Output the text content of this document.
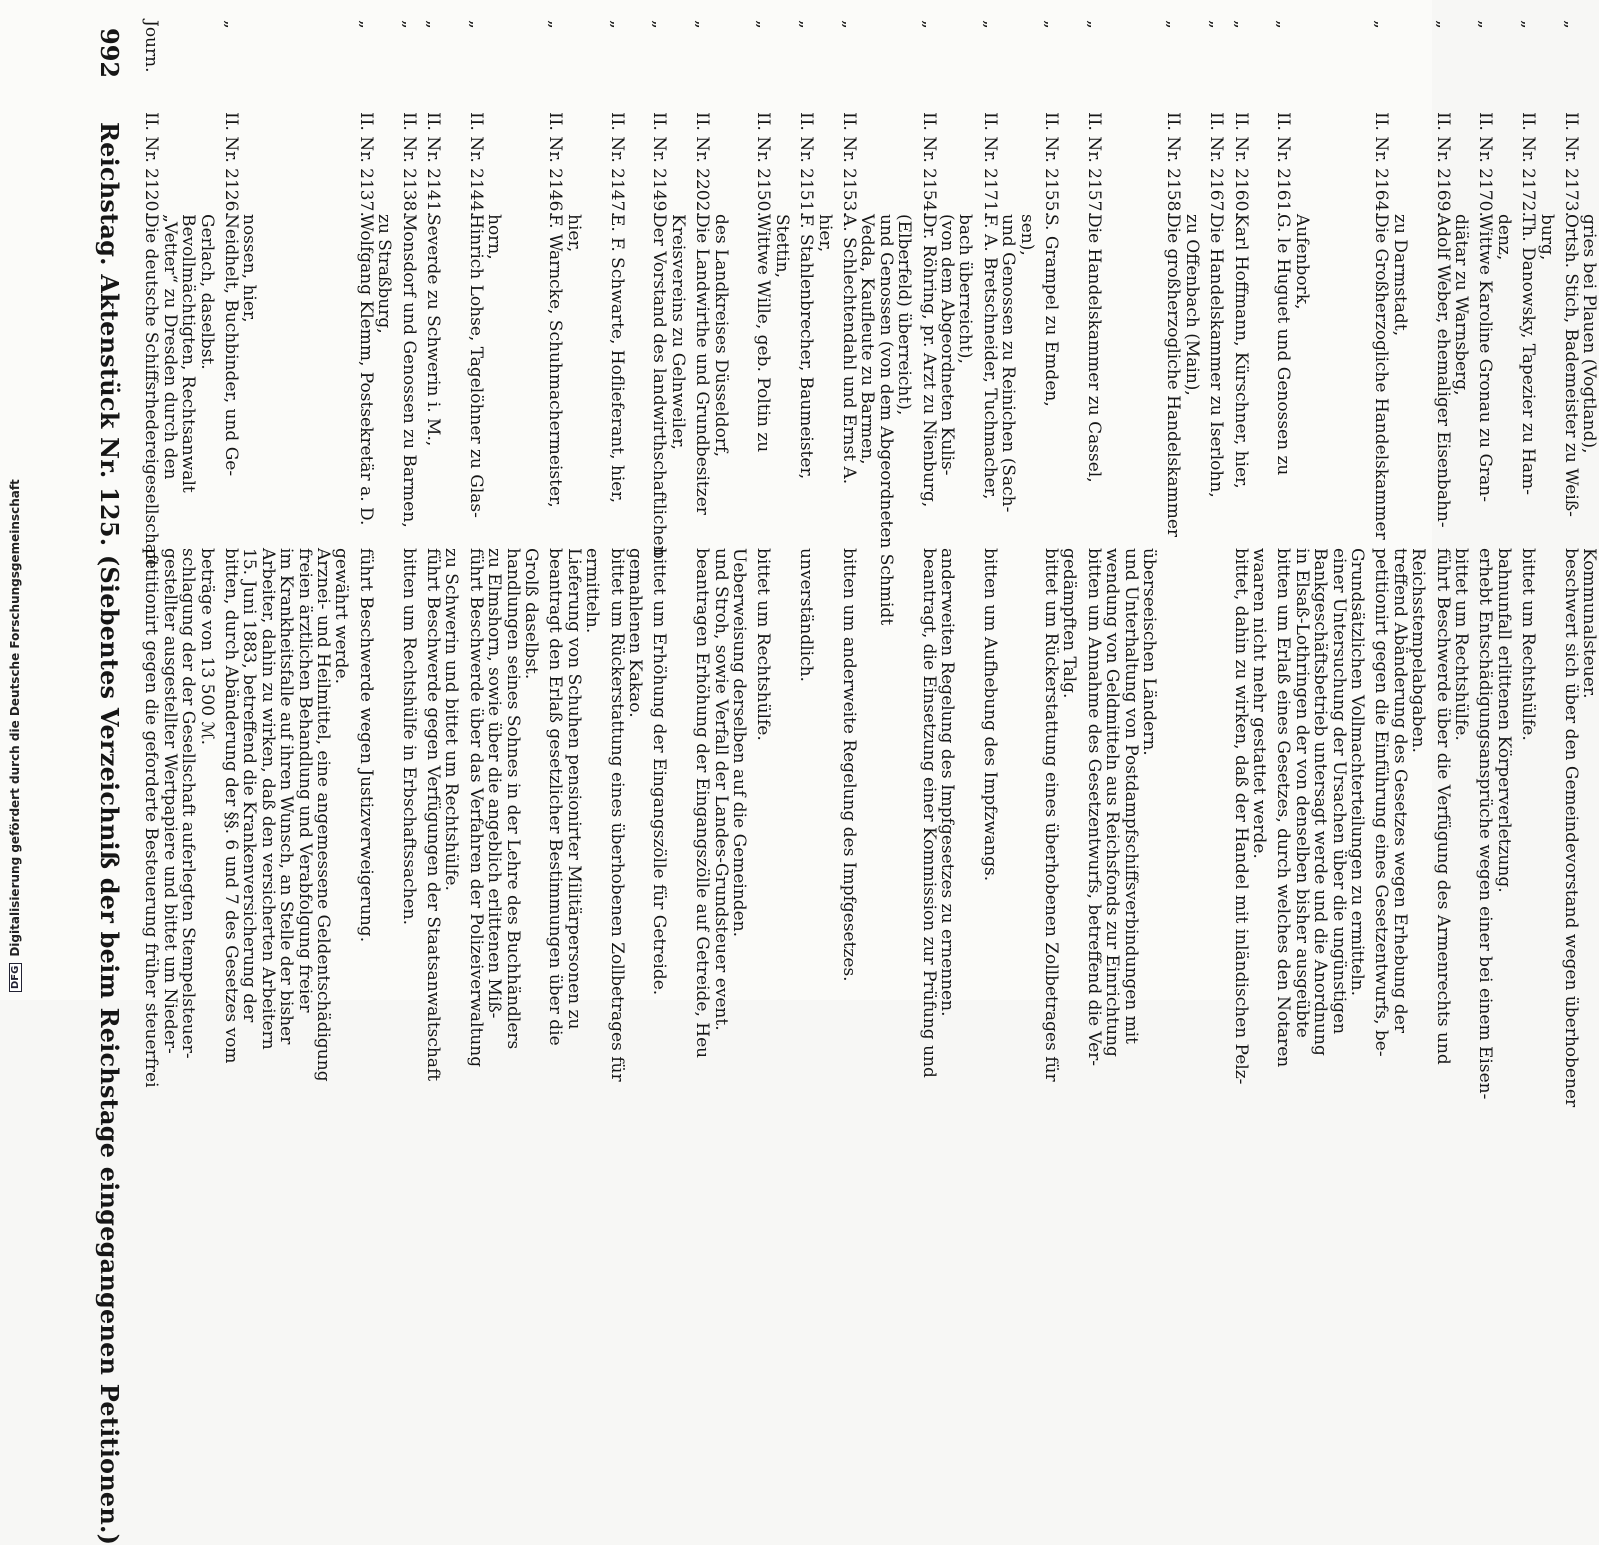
992
Reichstag. Aktenstück Nr. 125. (Siebentes Verzeichniß der beim Reichstage eingegangenen Petitionen.)
Journ.
II. Nr. 2120.
Die deutsche Schiffsrhedereigesellschaft
„Vetter“ zu Dresden durch den
Bevollmächtigten, Rechtsanwalt
Gerlach, daselbst.
petitionirt gegen die geforderte Besteuerung früher steuerfrei
gestellter ausgestellter Wertpapiere und bittet um Nieder-
schlagung der der Gesellschaft auferlegten Stempelsteuer-
beträge von 13 500 ℳ.
„
II. Nr. 2126.
Neidhelt, Buchbinder, und Ge-
nossen, hier,
bitten, durch Abänderung der §§. 6 und 7 des Gesetzes vom
15. Juni 1883, betreffend die Krankenversicherung der
Arbeiter, dahin zu wirken, daß den versicherten Arbeitern
im Krankheitsfalle auf ihren Wunsch, an Stelle der bisher
freien ärztlichen Behandlung und Verabfolgung freier
Arznei- und Heilmittel, eine angemessene Geldentschädigung
gewährt werde.
„
II. Nr. 2137.
Wolfgang Klemm, Postsekretär a. D.
zu Straßburg,
führt Beschwerde wegen Justizverweigerung.
„
II. Nr. 2138.
Monsdorf und Genossen zu Barmen,
bitten um Rechtshülfe in Erbschaftssachen.
„
II. Nr. 2141.
Severde zu Schwerin i. M.,
führt Beschwerde gegen Verfügungen der Staatsanwaltschaft
zu Schwerin und bittet um Rechtshülfe.
„
II. Nr. 2144.
Hinrich Lohse, Tagelöhner zu Glas-
horn,
führt Beschwerde über das Verfahren der Polizeiverwaltung
zu Elmshorn, sowie über die angeblich erlittenen Miß-
handlungen seines Sohnes in der Lehre des Buchhändlers
Grolß daselbst.
„
II. Nr. 2146.
F. Warncke, Schuhmachermeister,
hier,
beantragt den Erlaß gesetzlicher Bestimmungen über die
Lieferung von Schuhen pensionirter Militärpersonen zu
ermitteln.
„
II. Nr. 2147.
E. F. Schwarte, Hoflieferant, hier,
bittet um Rückerstattung eines überhobenen Zollbetrages für
gemahlenen Kakao.
„
II. Nr. 2149.
Der Vorstand des landwirthschaftlichen
Kreisvereins zu Gelnweiler,
bittet um Erhöhung der Eingangszölle für Getreide.
„
II. Nr. 2202.
Die Landwirthe und Grundbesitzer
des Landkreises Düsseldorf,
beantragen Erhöhung der Eingangszölle auf Getreide, Heu
und Stroh, sowie Verfall der Landes-Grundsteuer event.
Ueberweisung derselben auf die Gemeinden.
„
II. Nr. 2150.
Wittwe Wille, geb. Poltin zu
Stettin,
bittet um Rechtshülfe.
„
II. Nr. 2151.
F. Stahlenbrecher, Baumeister,
hier,
unverständlich.
„
II. Nr. 2153.
A. Schlechtendahl und Ernst A.
Vedda, Kaufleute zu Barmen,
und Genossen (von dem Abgeordneten Schmidt
(Elberfeld) überreicht),
bitten um anderweite Regelung des Impfgesetzes.
„
II. Nr. 2154.
Dr. Röhring, pr. Arzt zu Nienburg,
(von dem Abgeordneten Kulis-
bach überreicht),
beantragt, die Einsetzung einer Kommission zur Prüfung und
anderweiten Regelung des Impfgesetzes zu ernennen.
„
II. Nr. 2171.
F. A. Bretschneider, Tuchmacher,
und Genossen zu Reinichen (Sach-
sen),
bitten um Aufhebung des Impfzwangs.
„
II. Nr. 2155.
S. Grampel zu Emden,
bittet um Rückerstattung eines überhobenen Zollbetrages für
gedämpften Talg.
„
II. Nr. 2157.
Die Handelskammer zu Cassel,
bitten um Annahme des Gesetzentwurfs, betreffend die Ver-
wendung von Geldmitteln aus Reichsfonds zur Einrichtung
und Unterhaltung von Postdampfschiffsverbindungen mit
überseeischen Ländern.
„
II. Nr. 2158.
Die großherzogliche Handelskammer
zu Offenbach (Main),
„
II. Nr. 2167.
Die Handelskammer zu Iserlohn,
„
II. Nr. 2160.
Karl Hoffmann, Kürschner, hier,
bittet, dahin zu wirken, daß der Handel mit inländischen Pelz-
waaren nicht mehr gestattet werde.
„
II. Nr. 2161.
G. le Huguet und Genossen zu
Aufenbork,
bitten um Erlaß eines Gesetzes, durch welches den Notaren
in Elsaß-Lothringen der von denselben bisher ausgeübte
Bankgeschäftsbetrieb untersagt werde und die Anordnung
einer Untersuchung der Ursachen über die ungünstigen
Grundsätzlichen Vollmachterteilungen zu ermitteln.
„
II. Nr. 2164.
Die Großherzogliche Handelskammer
zu Darmstadt,
petitionirt gegen die Einführung eines Gesetzentwurfs, be-
treffend Abänderung des Gesetzes wegen Erhebung der
Reichsstempelabgaben.
„
II. Nr. 2169.
Adolf Weber, ehemaliger Eisenbahn-
diätar zu Warnsberg,
führt Beschwerde über die Verfügung des Armenrechts und
bittet um Rechtshülfe.
„
II. Nr. 2170.
Wittwe Karoline Gronau zu Gran-
denz,
erhebt Entschädigungsansprüche wegen einer bei einem Eisen-
bahnunfall erlittenen Körperverletzung.
„
II. Nr. 2172.
Th. Danowsky, Tapezier zu Ham-
burg,
bittet um Rechtshülfe.
„
II. Nr. 2173.
Ortsh. Stich, Bademeister zu Weiß-
gries bei Plauen (Vogtland),
beschwert sich über den Gemeindevorstand wegen überhobener
Kommunalsteuer.
DFG
Digitalisierung gefördert durch die Deutsche Forschungsgemeinschaft
